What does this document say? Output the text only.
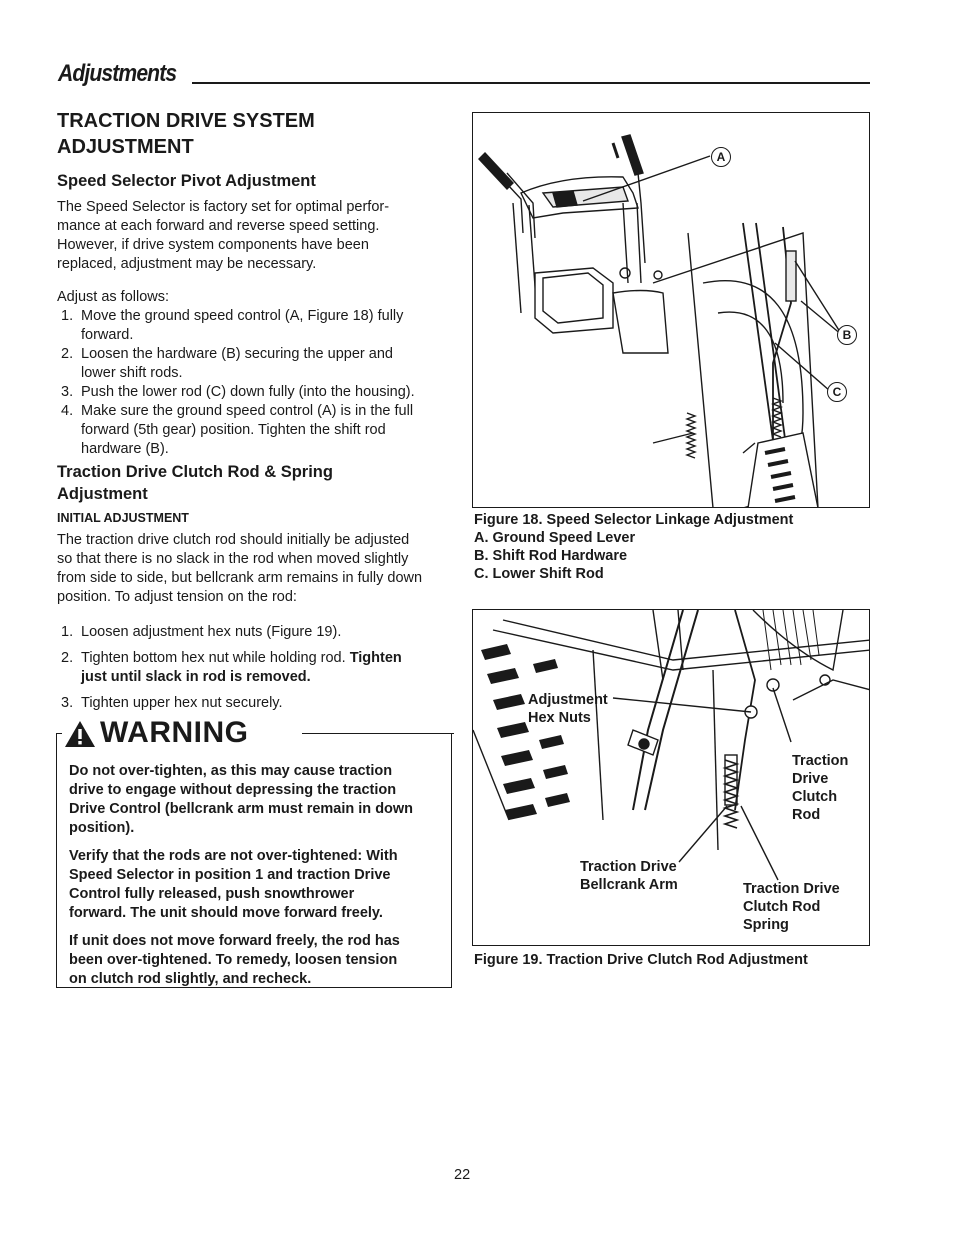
Adjustments
TRACTION DRIVE SYSTEM
ADJUSTMENT
Speed Selector Pivot Adjustment

The Speed Selector is factory set for optimal perfor-
mance at each forward and reverse speed setting.
However, if drive system components have been
replaced, adjustment may be necessary.

Adjust as follows:

1. Move the ground speed control (A, Figure 18) fully
forward.
2. Loosen the hardware (B) securing the upper and
lower shift rods.
3. Push the lower rod (C) down fully (into the housing).
4. Make sure the ground speed control (A) is in the full
forward (5th gear) position. Tighten the shift rod
hardware (B).
Traction Drive Clutch Rod & Spring
Adjustment
INITIAL ADJUSTMENT

The traction drive clutch rod should initially be adjusted
so that there is no slack in the rod when moved slightly
from side to side, but bellcrank arm remains in fully down
position. To adjust tension on the rod:

1. Loosen adjustment hex nuts (Figure 19).
2. Tighten bottom hex nut while holding rod. Tighten
just until slack in rod is removed.
3. Tighten upper hex nut securely.
WARNING

Do not over-tighten, as this may cause traction
drive to engage without depressing the traction
Drive Control (bellcrank arm must remain in down
position).

Verify that the rods are not over-tightened: With
Speed Selector in position 1 and traction Drive
Control fully released, push snowthrower
forward. The unit should move forward freely.

If unit does not move forward freely, the rod has
been over-tightened. To remedy, loosen tension
on clutch rod slightly, and recheck.

A
B
C
Figure 18. Speed Selector Linkage Adjustment
A. Ground Speed Lever
B. Shift Rod Hardware
C. Lower Shift Rod
Adjustment
Hex Nuts
Traction
Drive
Clutch
Rod
Traction Drive
Bellcrank Arm	Traction Drive
Clutch Rod
Spring
Figure 19. Traction Drive Clutch Rod Adjustment
22
